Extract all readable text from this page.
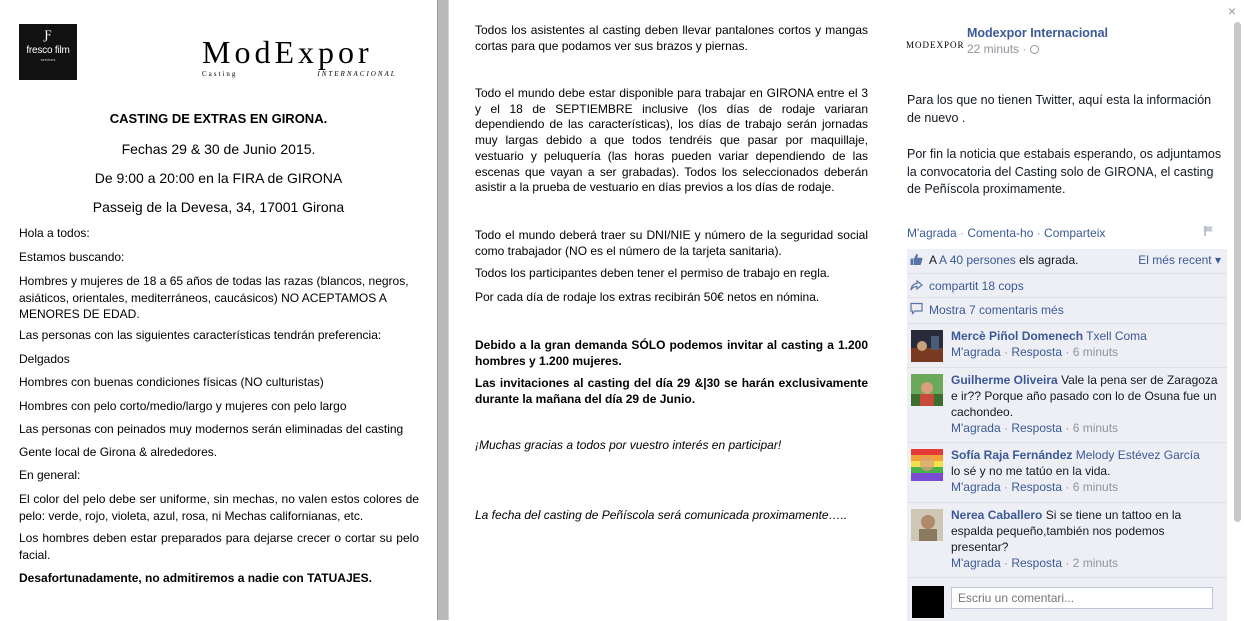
Ƒ
fresco film
services	ModExpor
Casting	INTERNACIONAL
CASTING DE EXTRAS EN GIRONA.
Fechas 29 & 30 de Junio 2015.
De 9:00 a 20:00 en la FIRA de GIRONA
Passeig de la Devesa, 34, 17001 Girona
Hola a todos:
Estamos buscando:
Hombres y mujeres de 18 a 65 años de todas las razas (blancos, negros, asiáticos, orientales, mediterráneos, caucásicos) NO ACEPTAMOS A MENORES DE EDAD.
Las personas con las siguientes características tendrán preferencia:
Delgados
Hombres con buenas condiciones físicas (NO culturistas)
Hombres con pelo corto/medio/largo y mujeres con pelo largo
Las personas con peinados muy modernos serán eliminadas del casting
Gente local de Girona & alrededores.
En general:
El color del pelo debe ser uniforme, sin mechas, no valen estos colores de pelo: verde, rojo, violeta, azul, rosa, ni Mechas californianas, etc.
Los hombres deben estar preparados para dejarse crecer o cortar su pelo facial.
Desafortunadamente, no admitiremos a nadie con TATUAJES.
Todos los asistentes al casting deben llevar pantalones cortos y mangas cortas para que podamos ver sus brazos y piernas.
Todo el mundo debe estar disponible para trabajar en GIRONA entre el 3 y el 18 de SEPTIEMBRE inclusive (los días de rodaje variaran dependiendo de las características), los días de trabajo serán jornadas muy largas debido a que todos tendréis que pasar por maquillaje, vestuario y peluquería (las horas pueden variar dependiendo de las escenas que vayan a ser grabadas). Todos los seleccionados deberán asistir a la prueba de vestuario en días previos a los días de rodaje.
Todo el mundo deberá traer su DNI/NIE y número de la seguridad social como trabajador (NO es el número de la tarjeta sanitaria).
Todos los participantes deben tener el permiso de trabajo en regla.
Por cada día de rodaje los extras recibirán 50€ netos en nómina.
Debido a la gran demanda SÓLO podemos invitar al casting a 1.200 hombres y 1.200 mujeres.
Las invitaciones al casting del día 29 &|30 se harán exclusivamente durante la mañana del día 29 de Junio.
¡Muchas gracias a todos por vuestro interés en participar!
La fecha del casting de Peñíscola será comunicada proximamente…..
×
MODEXPOR
Modexpor Internacional
22 minuts ·
Para los que no tienen Twitter, aquí esta la información de nuevo .
Por fin la noticia que estabais esperando, os adjuntamos la convocatoria del Casting solo de GIRONA, el casting de Peñíscola proximamente.
M'agrada · Comenta-ho · Comparteix
A A 40 persones els agrada.	El més recent ▾
compartit 18 cops
Mostra 7 comentaris més
Mercè Piñol Domenech Txell Coma
M'agrada · Resposta · 6 minuts
Guilherme Oliveira Vale la pena ser de Zaragoza e ir?? Porque año pasado con lo de Osuna fue un cachondeo.
M'agrada · Resposta · 6 minuts
Sofía Raja Fernández Melody Estévez García
lo sé y no me tatúo en la vida.
M'agrada · Resposta · 6 minuts
Nerea Caballero Si se tiene un tattoo en la espalda pequeño,también nos podemos presentar?
M'agrada · Resposta · 2 minuts
Escriu un comentari...
